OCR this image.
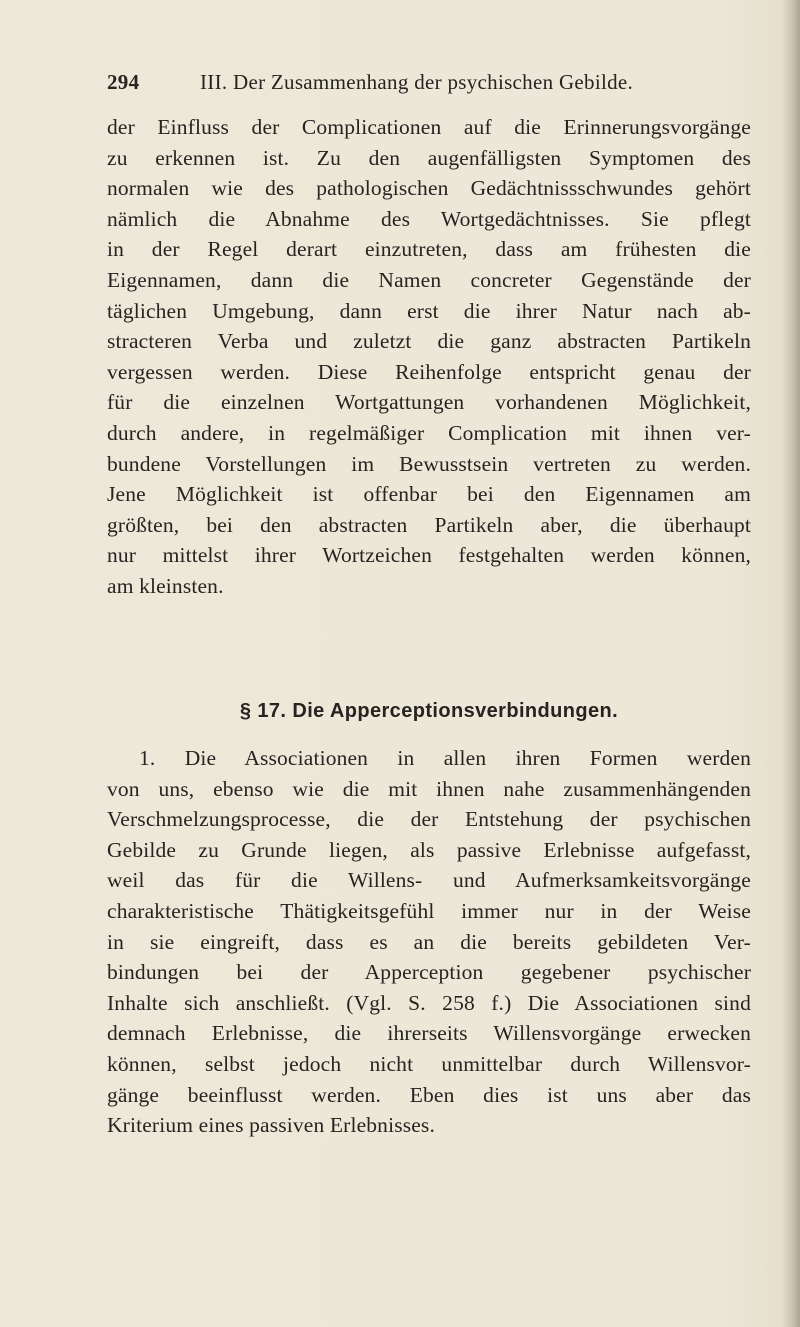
294	III. Der Zusammenhang der psychischen Gebilde.
der Einfluss der Complicationen auf die Erinnerungsvorgänge
zu erkennen ist. Zu den augenfälligsten Symptomen des
normalen wie des pathologischen Gedächtnissschwundes gehört
nämlich die Abnahme des Wortgedächtnisses. Sie pflegt
in der Regel derart einzutreten, dass am frühesten die
Eigennamen, dann die Namen concreter Gegenstände der
täglichen Umgebung, dann erst die ihrer Natur nach ab-
stracteren Verba und zuletzt die ganz abstracten Partikeln
vergessen werden. Diese Reihenfolge entspricht genau der
für die einzelnen Wortgattungen vorhandenen Möglichkeit,
durch andere, in regelmäßiger Complication mit ihnen ver-
bundene Vorstellungen im Bewusstsein vertreten zu werden.
Jene Möglichkeit ist offenbar bei den Eigennamen am
größten, bei den abstracten Partikeln aber, die überhaupt
nur mittelst ihrer Wortzeichen festgehalten werden können,
am kleinsten.
§ 17. Die Apperceptionsverbindungen.
1. Die Associationen in allen ihren Formen werden
von uns, ebenso wie die mit ihnen nahe zusammenhängenden
Verschmelzungsprocesse, die der Entstehung der psychischen
Gebilde zu Grunde liegen, als passive Erlebnisse aufgefasst,
weil das für die Willens- und Aufmerksamkeitsvorgänge
charakteristische Thätigkeitsgefühl immer nur in der Weise
in sie eingreift, dass es an die bereits gebildeten Ver-
bindungen bei der Apperception gegebener psychischer
Inhalte sich anschließt. (Vgl. S. 258 f.) Die Associationen sind
demnach Erlebnisse, die ihrerseits Willensvorgänge erwecken
können, selbst jedoch nicht unmittelbar durch Willensvor-
gänge beeinflusst werden. Eben dies ist uns aber das
Kriterium eines passiven Erlebnisses.
